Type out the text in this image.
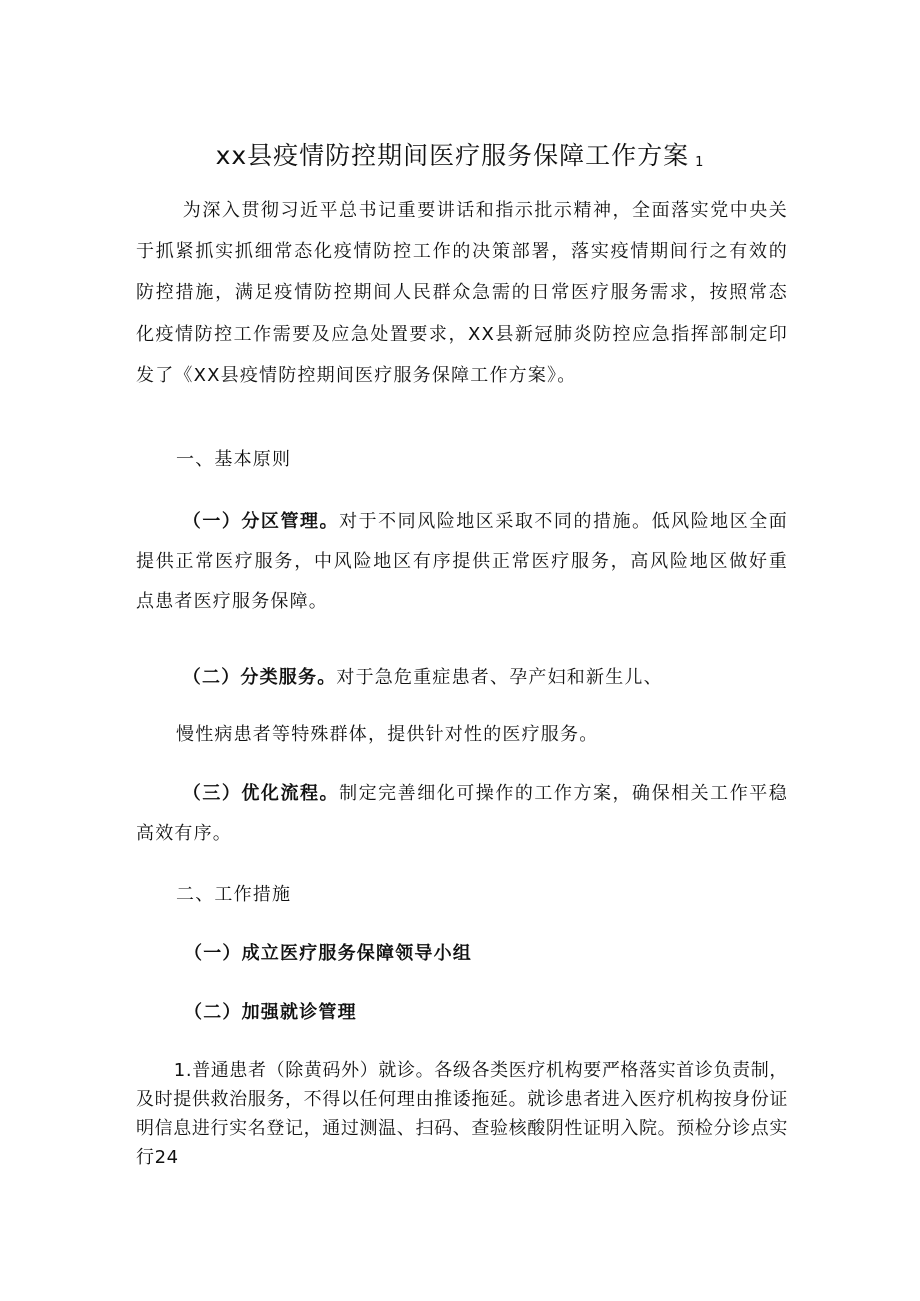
xx县疫情防控期间医疗服务保障工作方案 1
为深入贯彻习近平总书记重要讲话和指示批示精神，全面落实党中央关于抓紧抓实抓细常态化疫情防控工作的决策部署，落实疫情期间行之有效的防控措施，满足疫情防控期间人民群众急需的日常医疗服务需求，按照常态化疫情防控工作需要及应急处置要求，XX县新冠肺炎防控应急指挥部制定印发了《XX县疫情防控期间医疗服务保障工作方案》。
一、基本原则
（一）分区管理。对于不同风险地区采取不同的措施。低风险地区全面提供正常医疗服务，中风险地区有序提供正常医疗服务，高风险地区做好重点患者医疗服务保障。
（二）分类服务。对于急危重症患者、孕产妇和新生儿、
慢性病患者等特殊群体，提供针对性的医疗服务。
（三）优化流程。制定完善细化可操作的工作方案，确保相关工作平稳高效有序。
二、工作措施
（一）成立医疗服务保障领导小组
（二）加强就诊管理
1.普通患者（除黄码外）就诊。各级各类医疗机构要严格落实首诊负责制，及时提供救治服务，不得以任何理由推诿拖延。就诊患者进入医疗机构按身份证明信息进行实名登记，通过测温、扫码、查验核酸阴性证明入院。预检分诊点实行24
